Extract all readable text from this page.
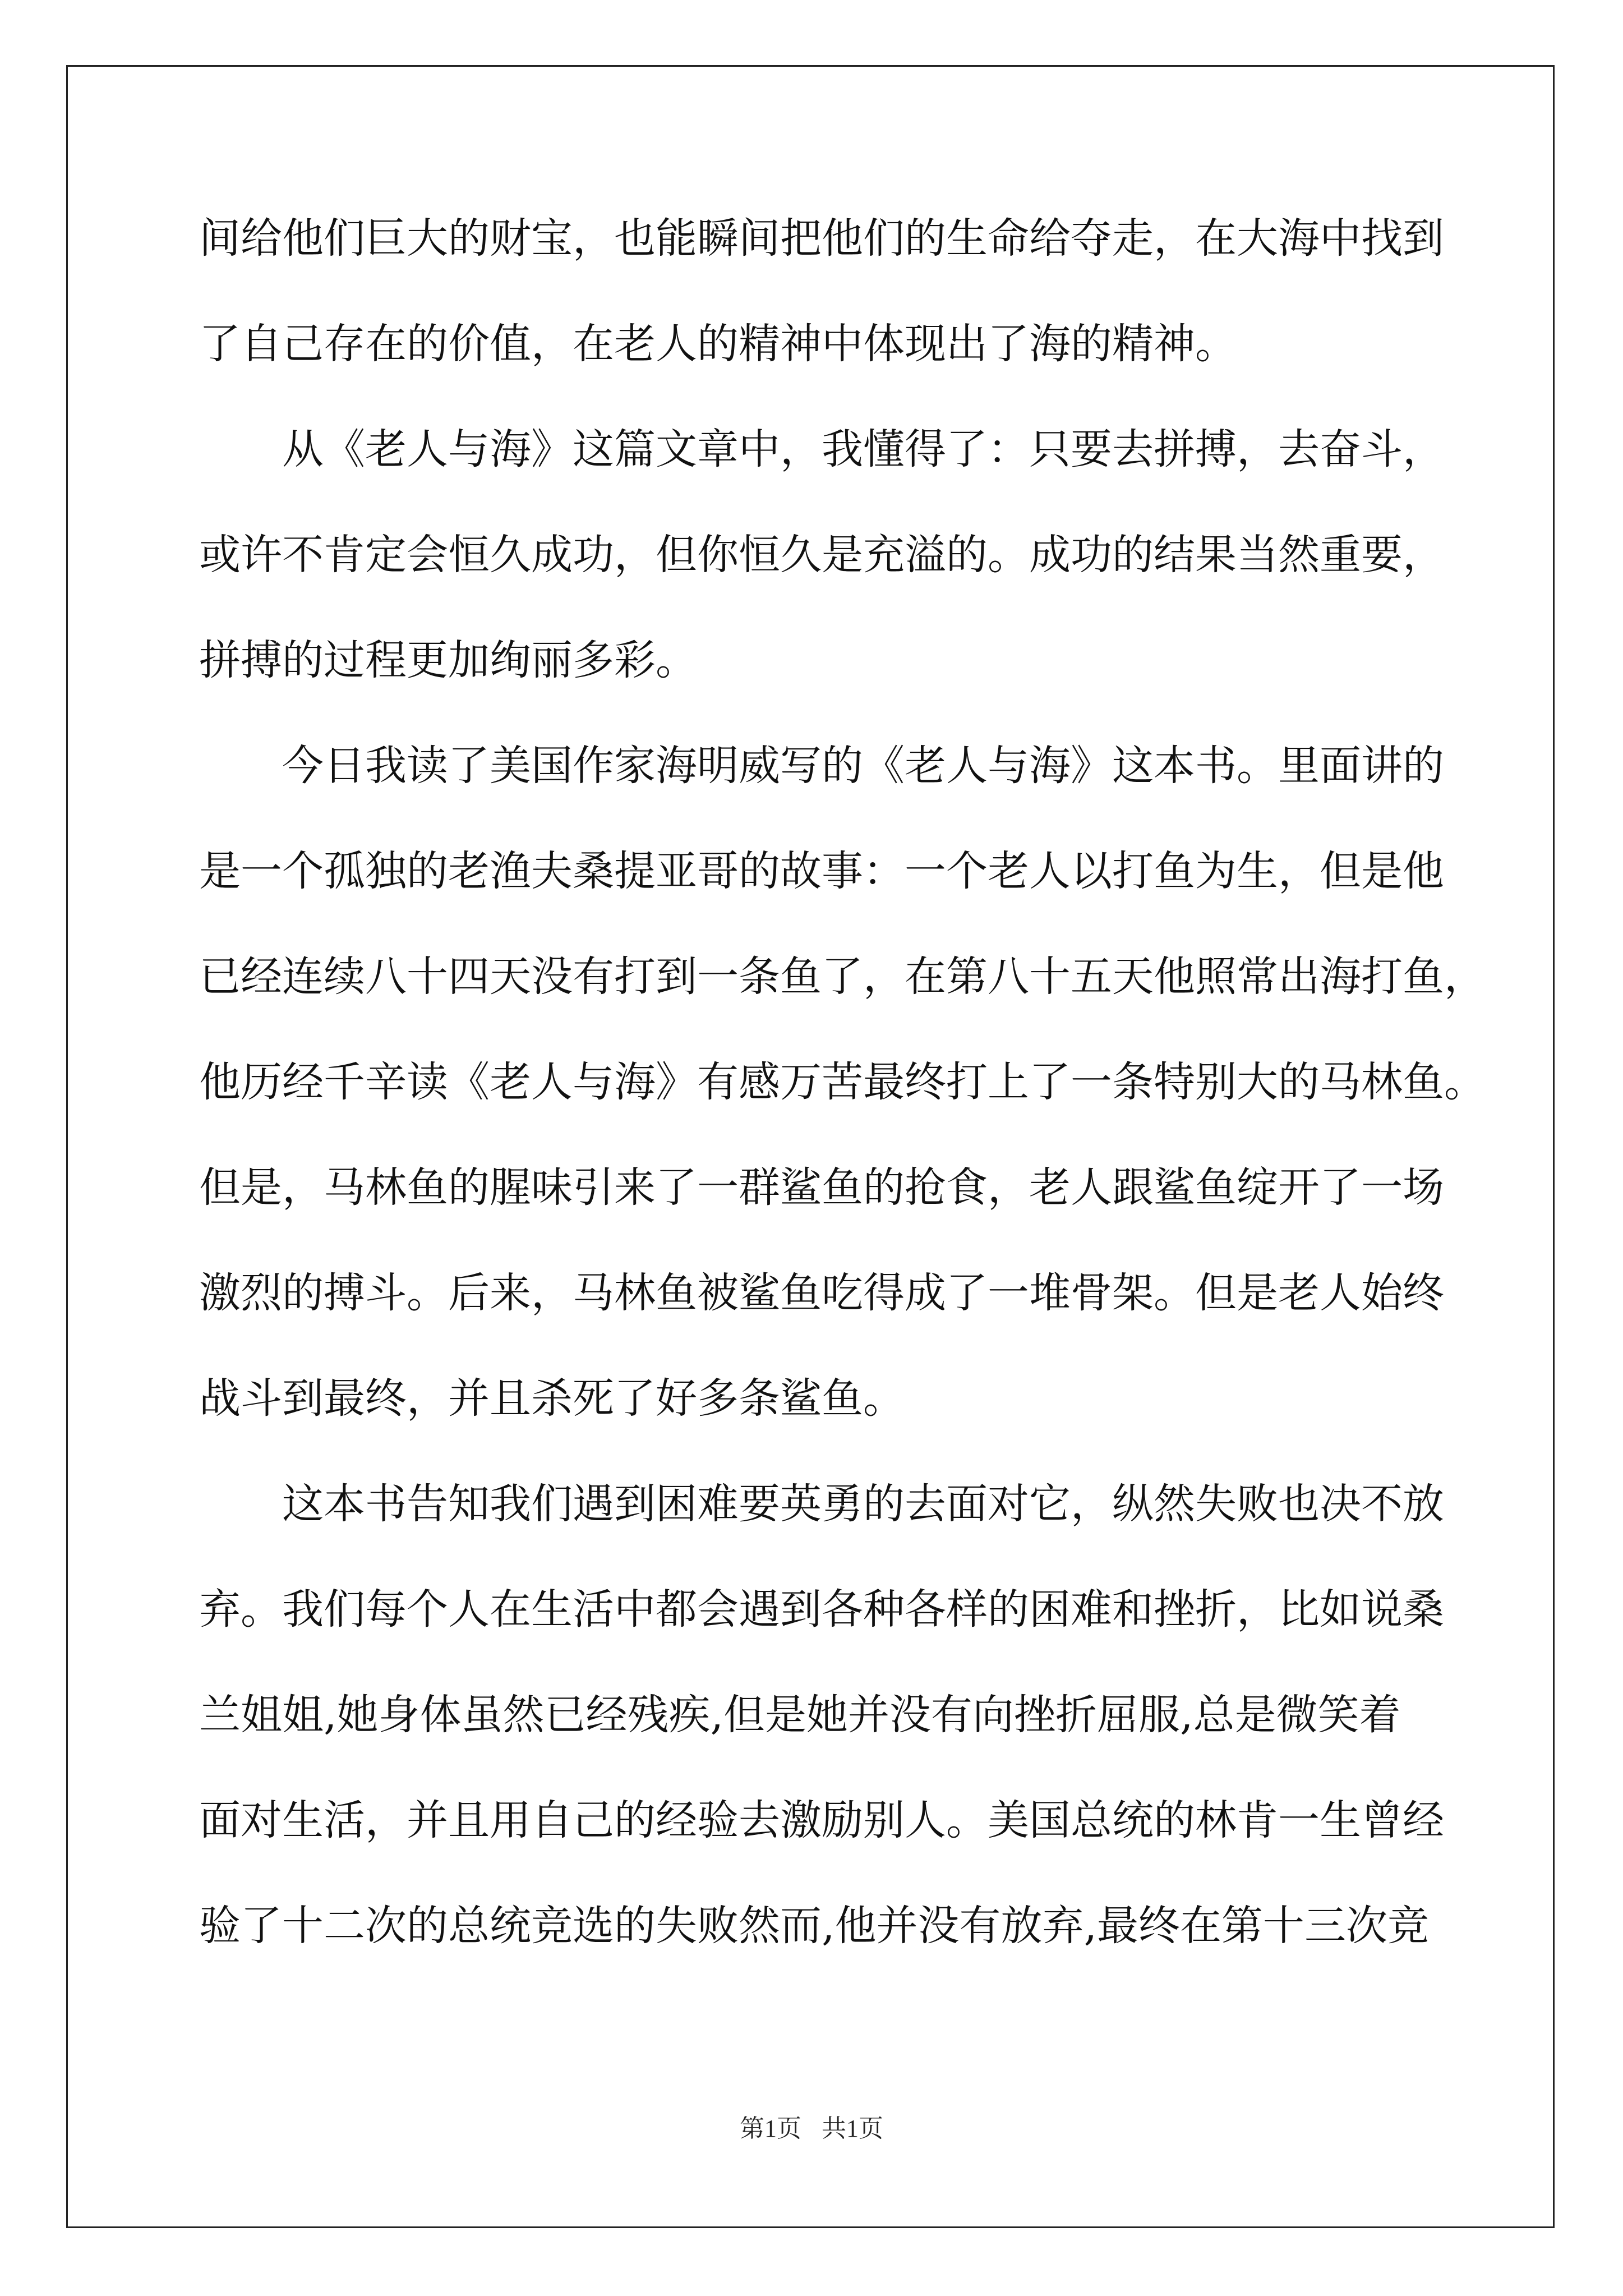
间给他们巨大的财宝，也能瞬间把他们的生命给夺走，在大海中找到
了自己存在的价值，在老人的精神中体现出了海的精神。
从《老人与海》这篇文章中，我懂得了：只要去拼搏，去奋斗，
或许不肯定会恒久成功，但你恒久是充溢的。成功的结果当然重要，
拼搏的过程更加绚丽多彩。
今日我读了美国作家海明威写的《老人与海》这本书。里面讲的
是一个孤独的老渔夫桑提亚哥的故事：一个老人以打鱼为生，但是他
已经连续八十四天没有打到一条鱼了，在第八十五天他照常出海打鱼，
他历经千辛读《老人与海》有感万苦最终打上了一条特别大的马林鱼。
但是，马林鱼的腥味引来了一群鲨鱼的抢食，老人跟鲨鱼绽开了一场
激烈的搏斗。后来，马林鱼被鲨鱼吃得成了一堆骨架。但是老人始终
战斗到最终，并且杀死了好多条鲨鱼。
这本书告知我们遇到困难要英勇的去面对它，纵然失败也决不放
弃。我们每个人在生活中都会遇到各种各样的困难和挫折，比如说桑
兰姐姐,她身体虽然已经残疾,但是她并没有向挫折屈服,总是微笑着
面对生活，并且用自己的经验去激励别人。美国总统的林肯一生曾经
验了十二次的总统竞选的失败然而,他并没有放弃,最终在第十三次竞
第1页 共1页
